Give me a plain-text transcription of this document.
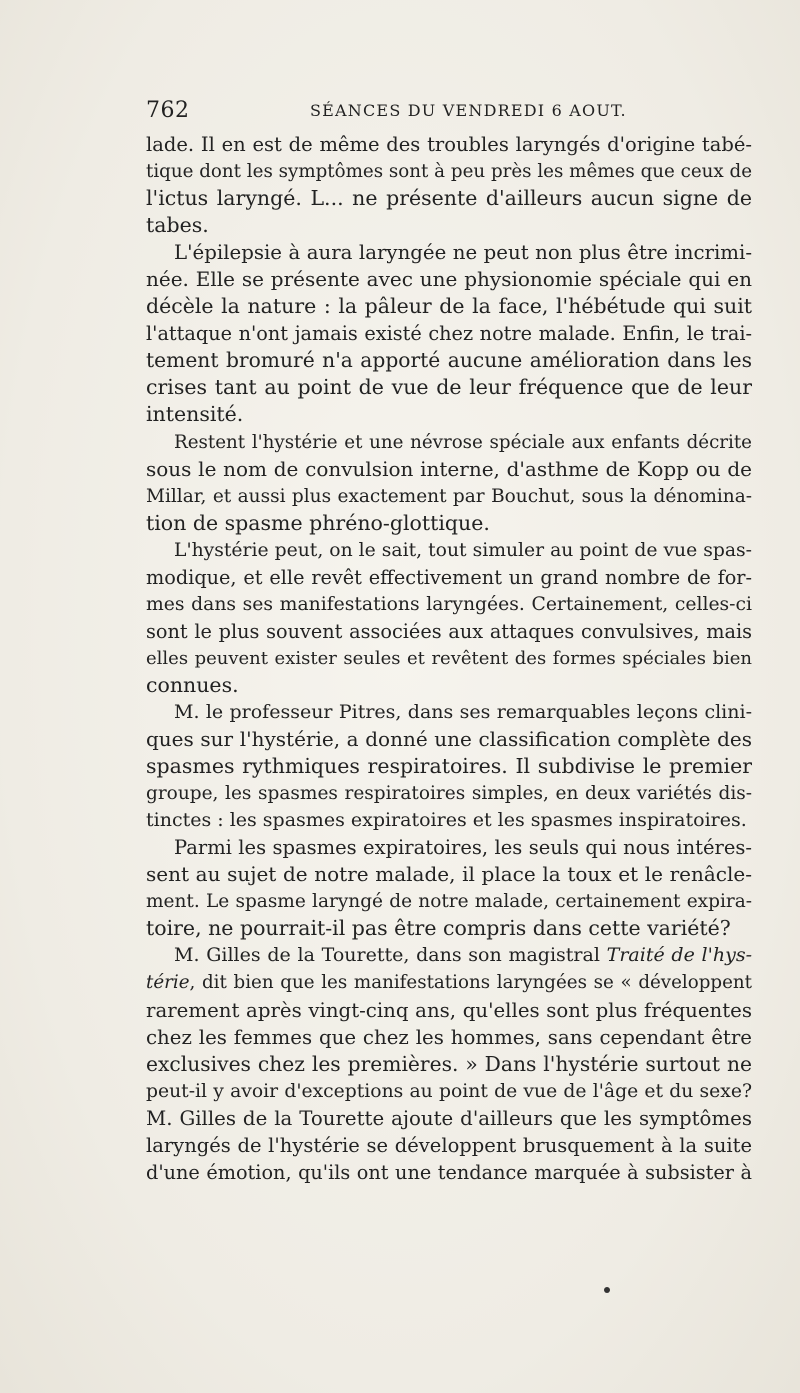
762	SÉANCES DU VENDREDI 6 AOUT.
lade. Il en est de même des troubles laryngés d'origine tabé-
tique dont les symptômes sont à peu près les mêmes que ceux de
l'ictus laryngé. L... ne présente d'ailleurs aucun signe de
tabes.
L'épilepsie à aura laryngée ne peut non plus être incrimi-
née. Elle se présente avec une physionomie spéciale qui en
décèle la nature : la pâleur de la face, l'hébétude qui suit
l'attaque n'ont jamais existé chez notre malade. Enfin, le trai-
tement bromuré n'a apporté aucune amélioration dans les
crises tant au point de vue de leur fréquence que de leur
intensité.
Restent l'hystérie et une névrose spéciale aux enfants décrite
sous le nom de convulsion interne, d'asthme de Kopp ou de
Millar, et aussi plus exactement par Bouchut, sous la dénomina-
tion de spasme phréno-glottique.
L'hystérie peut, on le sait, tout simuler au point de vue spas-
modique, et elle revêt effectivement un grand nombre de for-
mes dans ses manifestations laryngées. Certainement, celles-ci
sont le plus souvent associées aux attaques convulsives, mais
elles peuvent exister seules et revêtent des formes spéciales bien
connues.
M. le professeur Pitres, dans ses remarquables leçons clini-
ques sur l'hystérie, a donné une classification complète des
spasmes rythmiques respiratoires. Il subdivise le premier
groupe, les spasmes respiratoires simples, en deux variétés dis-
tinctes : les spasmes expiratoires et les spasmes inspiratoires.
Parmi les spasmes expiratoires, les seuls qui nous intéres-
sent au sujet de notre malade, il place la toux et le renâcle-
ment. Le spasme laryngé de notre malade, certainement expira-
toire, ne pourrait-il pas être compris dans cette variété?
M. Gilles de la Tourette, dans son magistral Traité de l'hys-
térie, dit bien que les manifestations laryngées se « développent
rarement après vingt-cinq ans, qu'elles sont plus fréquentes
chez les femmes que chez les hommes, sans cependant être
exclusives chez les premières. » Dans l'hystérie surtout ne
peut-il y avoir d'exceptions au point de vue de l'âge et du sexe?
M. Gilles de la Tourette ajoute d'ailleurs que les symptômes
laryngés de l'hystérie se développent brusquement à la suite
d'une émotion, qu'ils ont une tendance marquée à subsister à
